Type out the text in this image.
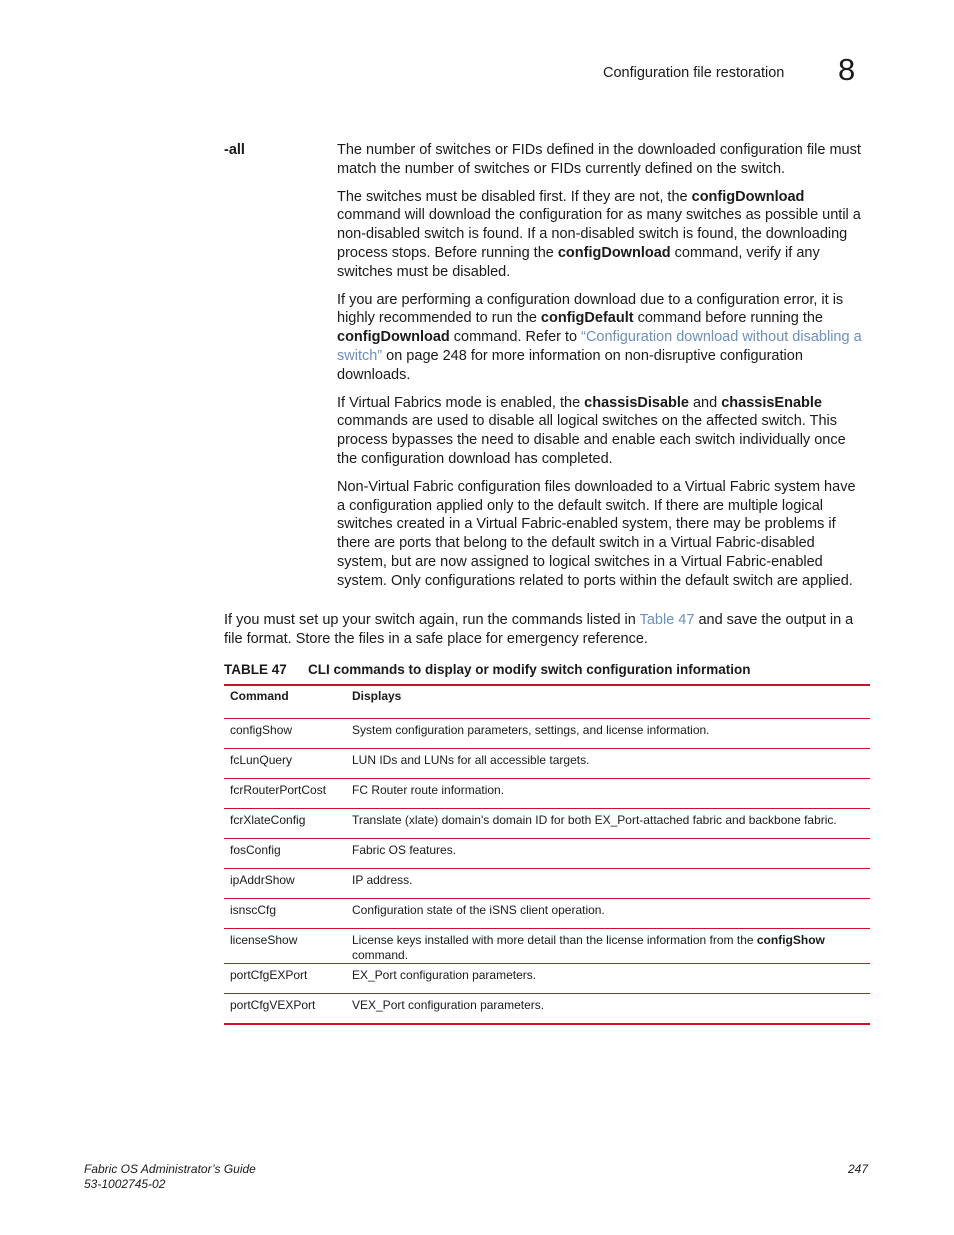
Configuration file restoration 8
-all	The number of switches or FIDs defined in the downloaded configuration file must match the number of switches or FIDs currently defined on the switch.

The switches must be disabled first. If they are not, the configDownload command will download the configuration for as many switches as possible until a non-disabled switch is found. If a non-disabled switch is found, the downloading process stops. Before running the configDownload command, verify if any switches must be disabled.

If you are performing a configuration download due to a configuration error, it is highly recommended to run the configDefault command before running the configDownload command. Refer to “Configuration download without disabling a switch” on page 248 for more information on non-disruptive configuration downloads.

If Virtual Fabrics mode is enabled, the chassisDisable and chassisEnable commands are used to disable all logical switches on the affected switch. This process bypasses the need to disable and enable each switch individually once the configuration download has completed.

Non-Virtual Fabric configuration files downloaded to a Virtual Fabric system have a configuration applied only to the default switch. If there are multiple logical switches created in a Virtual Fabric-enabled system, there may be problems if there are ports that belong to the default switch in a Virtual Fabric-disabled system, but are now assigned to logical switches in a Virtual Fabric-enabled system. Only configurations related to ports within the default switch are applied.

If you must set up your switch again, run the commands listed in Table 47 and save the output in a file format. Store the files in a safe place for emergency reference.

TABLE 47 CLI commands to display or modify switch configuration information
Command	Displays
configShow	System configuration parameters, settings, and license information.
fcLunQuery	LUN IDs and LUNs for all accessible targets.
fcrRouterPortCost	FC Router route information.
fcrXlateConfig	Translate (xlate) domain's domain ID for both EX_Port-attached fabric and backbone fabric.
fosConfig	Fabric OS features.
ipAddrShow	IP address.
isnscCfg	Configuration state of the iSNS client operation.
licenseShow	License keys installed with more detail than the license information from the configShow command.
portCfgEXPort	EX_Port configuration parameters.
portCfgVEXPort	VEX_Port configuration parameters.
Fabric OS Administrator’s Guide
53-1002745-02
247
